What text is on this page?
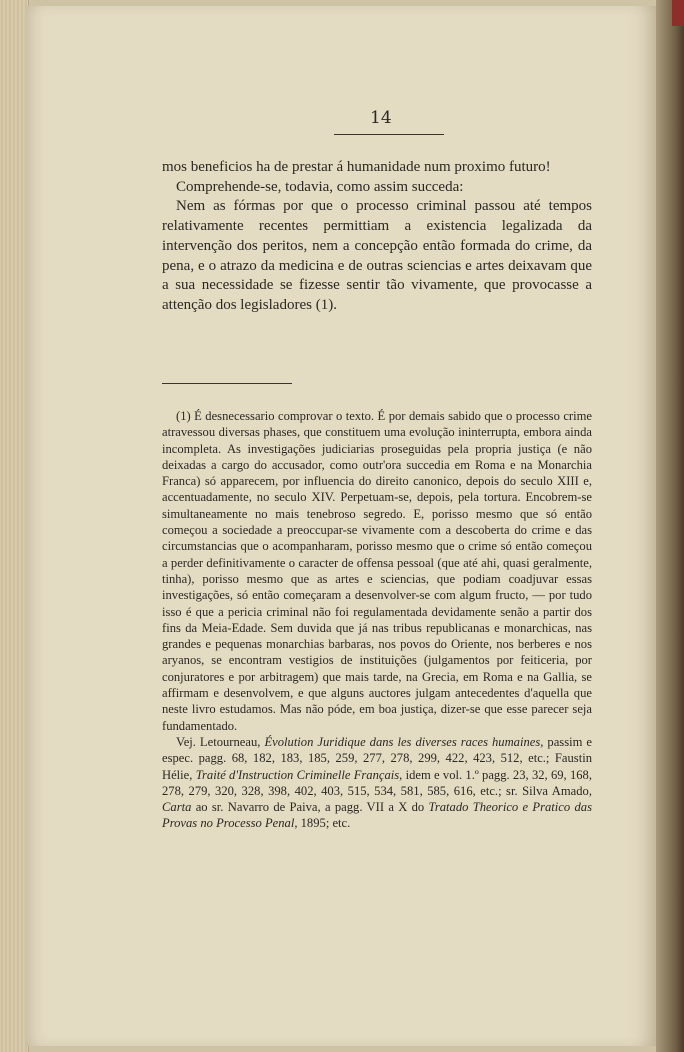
14

mos beneficios ha de prestar á humanidade num proximo futuro!

Comprehende-se, todavia, como assim succeda:

Nem as fórmas por que o processo criminal passou até tempos relativamente recentes permittiam a existencia legalizada da intervenção dos peritos, nem a concepção então formada do crime, da pena, e o atrazo da medicina e de outras sciencias e artes deixavam que a sua necessidade se fizesse sentir tão vivamente, que provocasse a attenção dos legisladores (1).

(1) É desnecessario comprovar o texto. É por demais sabido que o processo crime atravessou diversas phases, que constituem uma evolução ininterrupta, embora ainda incompleta. As investigações judiciarias proseguidas pela propria justiça (e não deixadas a cargo do accusador, como outr'ora succedia em Roma e na Monarchia Franca) só apparecem, por influencia do direito canonico, depois do seculo XIII e, accentuadamente, no seculo XIV. Perpetuam-se, depois, pela tortura. Encobrem-se simultaneamente no mais tenebroso segredo. E, porisso mesmo que só então começou a sociedade a preoccupar-se vivamente com a descoberta do crime e das circumstancias que o acompanharam, porisso mesmo que o crime só então começou a perder definitivamente o caracter de offensa pessoal (que até ahi, quasi geralmente, tinha), porisso mesmo que as artes e sciencias, que podiam coadjuvar essas investigações, só então começaram a desenvolver-se com algum fructo, — por tudo isso é que a pericia criminal não foi regulamentada devidamente senão a partir dos fins da Meia-Edade. Sem duvida que já nas tribus republicanas e monarchicas, nas grandes e pequenas monarchias barbaras, nos povos do Oriente, nos berberes e nos aryanos, se encontram vestigios de instituições (julgamentos por feiticeria, por conjuratores e por arbitragem) que mais tarde, na Grecia, em Roma e na Gallia, se affirmam e desenvolvem, e que alguns auctores julgam antecedentes d'aquella que neste livro estudamos. Mas não póde, em boa justiça, dizer-se que esse parecer seja fundamentado.

Vej. Letourneau, Évolution Juridique dans les diverses races humaines, passim e espec. pagg. 68, 182, 183, 185, 259, 277, 278, 299, 422, 423, 512, etc.; Faustin Hélie, Traité d'Instruction Criminelle Français, idem e vol. 1.º pagg. 23, 32, 69, 168, 278, 279, 320, 328, 398, 402, 403, 515, 534, 581, 585, 616, etc.; sr. Silva Amado, Carta ao sr. Navarro de Paiva, a pagg. VII a X do Tratado Theorico e Pratico das Provas no Processo Penal, 1895; etc.
